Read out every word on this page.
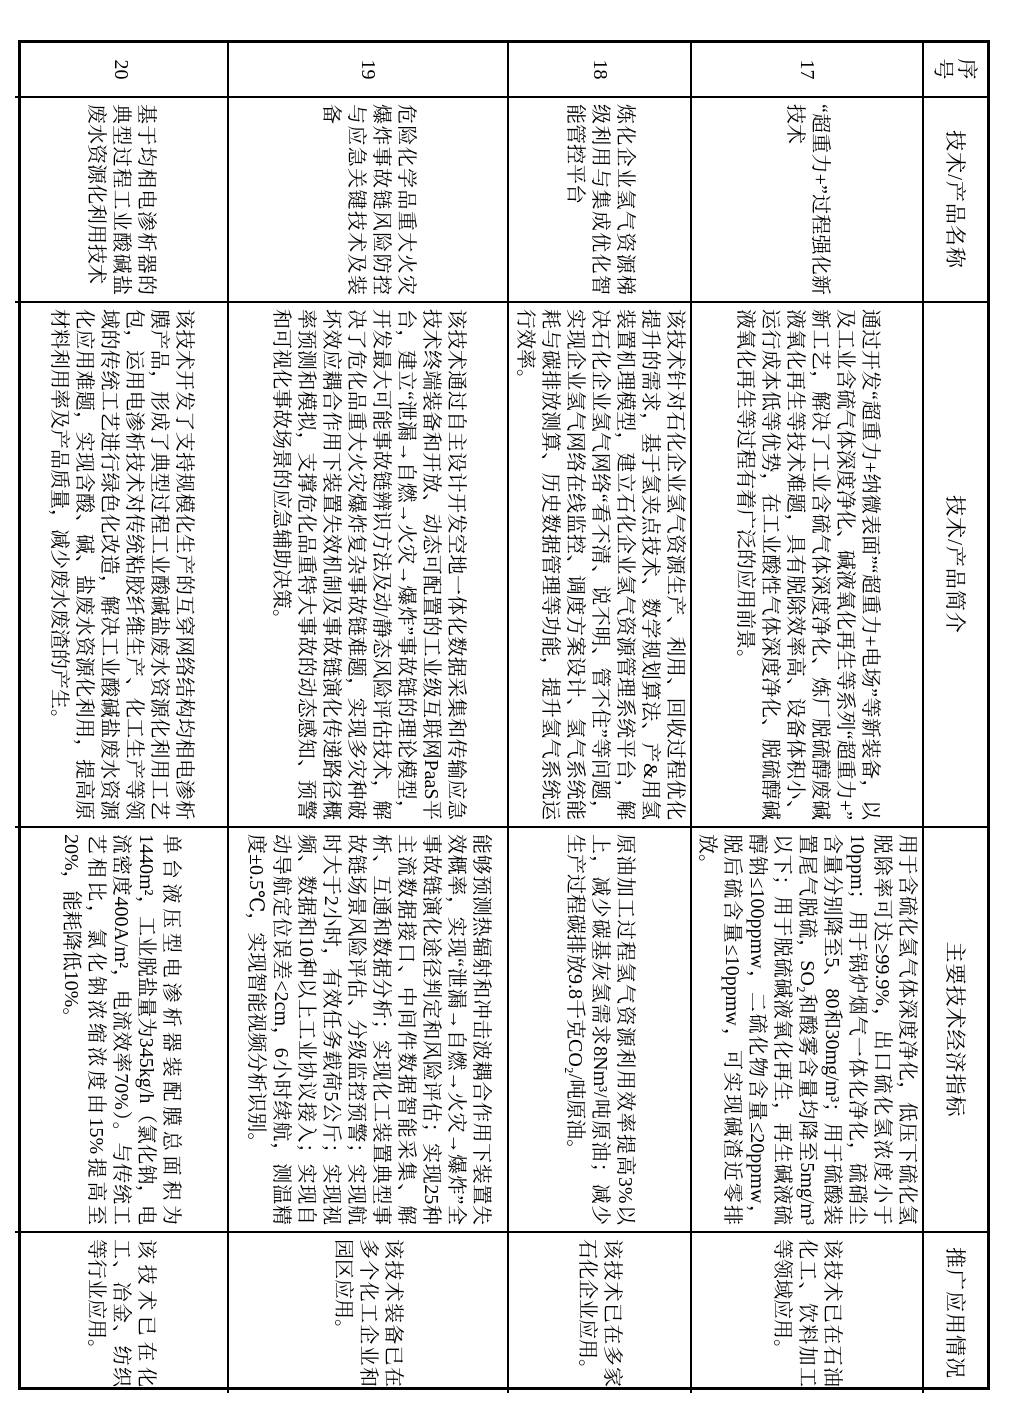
序号
技术/产品名称
技术/产品简介
主要技术经济指标
推广应用情况
17
“超重力+”过程强化新技术
通过开发“超重力+纳微表面”“超重力+电场”等新装备，以及工业含硫气体深度净化、碱液氧化再生等系列“超重力+”新工艺，解决了工业含硫气体深度净化、炼厂脱硫醇废碱液氧化再生等技术难题，具有脱除效率高、设备体积小、运行成本低等优势，在工业酸性气体深度净化、脱硫醇碱液氧化再生等过程有着广泛的应用前景。
用于含硫化氢气体深度净化，低压下硫化氢脱除率可达≥99.9%，出口硫化氢浓度小于10ppm；用于锅炉烟气一体化净化，硫硝尘含量分别降至5、80和30mg/m³；用于硫酸装置尾气脱硫，SO₂和酸雾含量均降至5mg/m³以下；用于脱硫碱液氧化再生，再生碱液硫醇钠≤100ppmw，二硫化物含量≤20ppmw，脱后硫含量≤10ppmw，可实现碱渣近零排放。
该技术已在石油化工、饮料加工等领域应用。
18
炼化企业氢气资源梯级利用与集成优化智能管控平台
该技术针对石化企业氢气资源生产、利用、回收过程优化提升的需求，基于氢夹点技术、数学规划算法、产&用氢装置机理模型，建立石化企业氢气资源管理系统平台，解决石化企业氢气网络“看不清、说不明、管不住”等问题，实现企业氢气网络在线监控、调度方案设计、氢气系统能耗与碳排放测算、历史数据管理等功能，提升氢气系统运行效率。
原油加工过程氢气资源利用效率提高3%以上，减少碳基灰氢需求8Nm³/吨原油；减少生产过程碳排放9.8千克CO₂/吨原油。
该技术已在多家石化企业应用。
19
危险化学品重大火灾爆炸事故链风险防控与应急关键技术及装备
该技术通过自主设计开发空地一体化数据采集和传输应急技术终端装备和开放、动态可配置的工业级互联网PaaS平台，建立“泄漏→自燃→火灾→爆炸”事故链的理论模型，开发最大可能事故链辨识方法及动/静态风险评估技术，解决了危化品重大火灾爆炸复杂事故链难题，实现多灾种破坏效应耦合作用下装置失效机制及事故链演化传递路径概率预测和模拟，支撑危化品重特大事故的动态感知、预警和可视化事故场景的应急辅助决策。
能够预测热辐射和冲击波耦合作用下装置失效概率，实现“泄漏→自燃→火灾→爆炸”全事故链演化途径判定和风险评估；实现25种主流数据接口、中间件数据智能采集、解析、互通和数据分析；实现化工装置典型事故链场景风险评估、分级监控预警；实现航时大于2小时，有效任务载荷5公斤；实现视频、数据和10种以上工业协议接入；实现自动导航定位误差<2cm，6小时续航，测温精度±0.5℃，实现智能视频分析识别。
该技术装备已在多个化工企业和园区应用。
20
基于均相电渗析器的典型过程工业酸碱盐废水资源化利用技术
该技术开发了支持规模化生产的互穿网络结构均相电渗析膜产品，形成了典型过程工业酸碱盐废水资源化利用工艺包，运用电渗析技术对传统粘胶纤维生产、化工生产等领域的传统工艺进行绿色化改造，解决工业酸碱盐废水资源化应用难题，实现含酸、碱、盐废水资源化利用，提高原材料利用率及产品质量，减少废水废渣的产生。
单台液压型电渗析器装配膜总面积为1440m²，工业脱盐量为345kg/h（氯化钠，电流密度400A/m²，电流效率70%）。与传统工艺相比，氯化钠浓缩浓度由15%提高至20%，能耗降低10%。
该技术已在化工、冶金、纺织等行业应用。
